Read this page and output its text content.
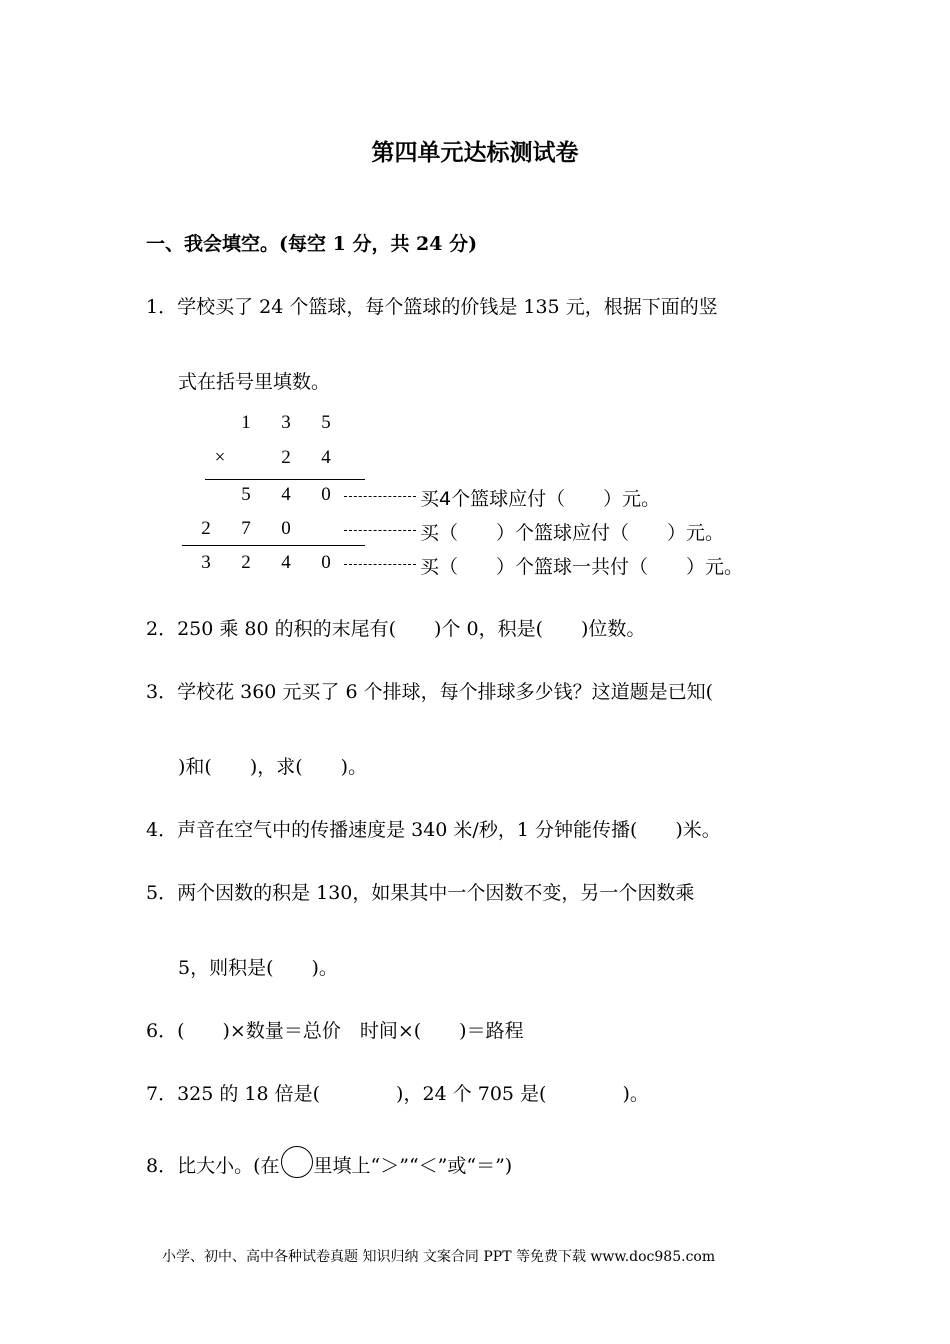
第四单元达标测试卷
一、我会填空。(每空 1 分，共 24 分)
1．学校买了 24 个篮球，每个篮球的价钱是 135 元，根据下面的竖
式在括号里填数。
1 3 5
×	2 4
5 4 0
2 7 0
3 2 4 0
买4个篮球应付（　　）元。
买（　　）个篮球应付（　　）元。
买（　　）个篮球一共付（　　）元。
2．250 乘 80 的积的末尾有(　　)个 0，积是(　　)位数。
3．学校花 360 元买了 6 个排球，每个排球多少钱？这道题是已知(
)和(　　)，求(　　)。
4．声音在空气中的传播速度是 340 米/秒，1 分钟能传播(　　)米。
5．两个因数的积是 130，如果其中一个因数不变，另一个因数乘
5，则积是(　　)。
6．(　　)×数量＝总价　时间×(　　)＝路程
7．325 的 18 倍是(　　　　)，24 个 705 是(　　　　)。
8．比大小。(在 里填上“＞”“＜”或“＝”)
小学、初中、高中各种试卷真题 知识归纳 文案合同 PPT 等免费下载 www.doc985.com
